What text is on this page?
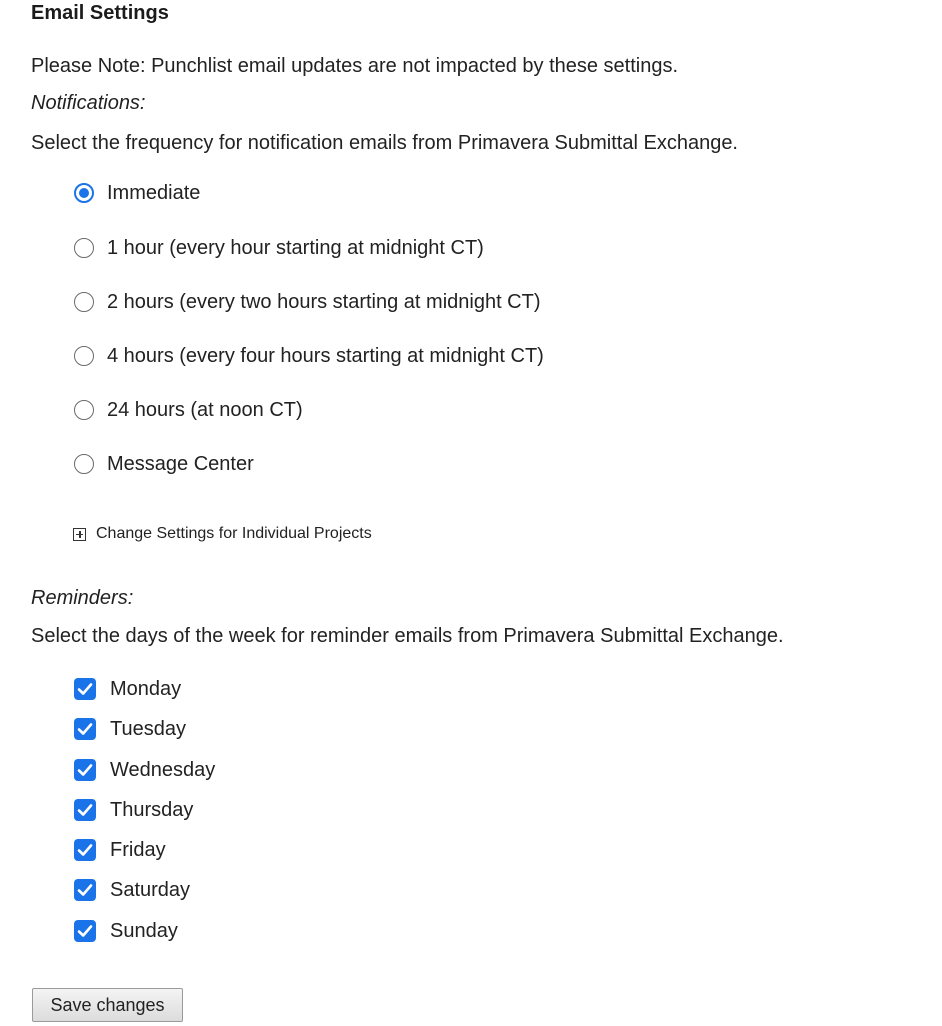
Email Settings
Please Note: Punchlist email updates are not impacted by these settings.
Notifications:
Select the frequency for notification emails from Primavera Submittal Exchange.
Immediate
1 hour (every hour starting at midnight CT)
2 hours (every two hours starting at midnight CT)
4 hours (every four hours starting at midnight CT)
24 hours (at noon CT)
Message Center
Change Settings for Individual Projects
Reminders:
Select the days of the week for reminder emails from Primavera Submittal Exchange.
Monday
Tuesday
Wednesday
Thursday
Friday
Saturday
Sunday
Save changes
